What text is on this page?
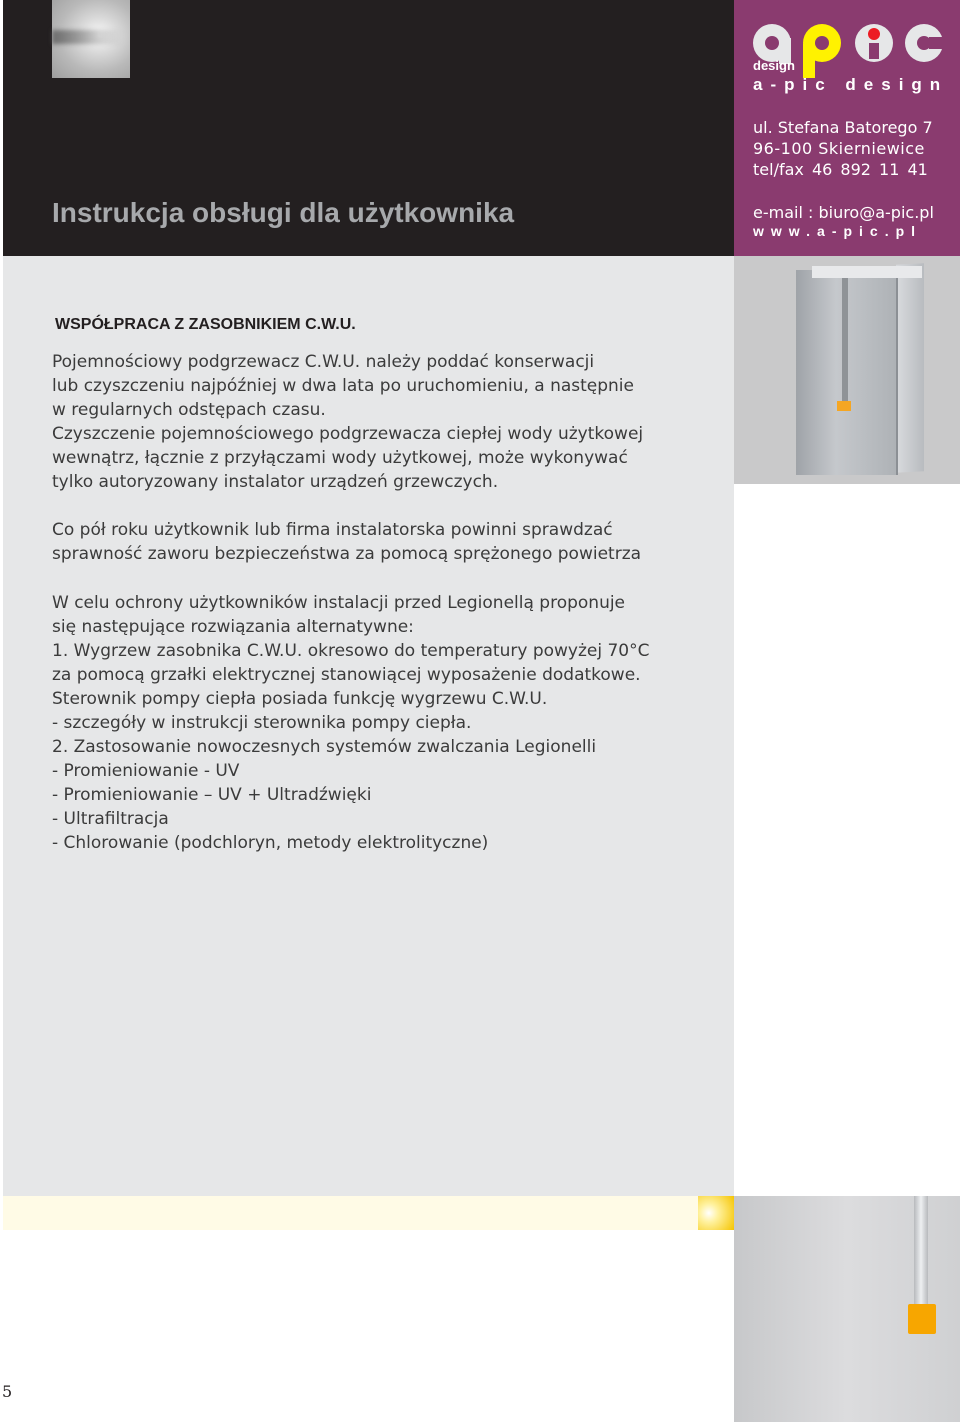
Instrukcja obsługi dla użytkownika
design
a-pic design

ul. Stefana Batorego 7

96-100 Skierniewice

tel/fax 46 892 11 41

e-mail : biuro@a-pic.pl

www.a-pic.pl

WSPÓŁPRACA Z ZASOBNIKIEM C.W.U.
Pojemnościowy podgrzewacz C.W.U. należy poddać konserwacji
lub czyszczeniu najpóźniej w dwa lata po uruchomieniu, a następnie
w regularnych odstępach czasu.
Czyszczenie pojemnościowego podgrzewacza ciepłej wody użytkowej
wewnątrz, łącznie z przyłączami wody użytkowej, może wykonywać
tylko autoryzowany instalator urządzeń grzewczych.
Co pół roku użytkownik lub firma instalatorska powinni sprawdzać
sprawność zaworu bezpieczeństwa za pomocą sprężonego powietrza
W celu ochrony użytkowników instalacji przed Legionellą proponuje
się następujące rozwiązania alternatywne:
1. Wygrzew zasobnika C.W.U. okresowo do temperatury powyżej 70°C
za pomocą grzałki elektrycznej stanowiącej wyposażenie dodatkowe.
Sterownik pompy ciepła posiada funkcję wygrzewu C.W.U.
- szczegóły w instrukcji sterownika pompy ciepła.
2. Zastosowanie nowoczesnych systemów zwalczania Legionelli
- Promieniowanie - UV
- Promieniowanie – UV + Ultradźwięki
- Ultrafiltracja
- Chlorowanie (podchloryn, metody elektrolityczne)

5
